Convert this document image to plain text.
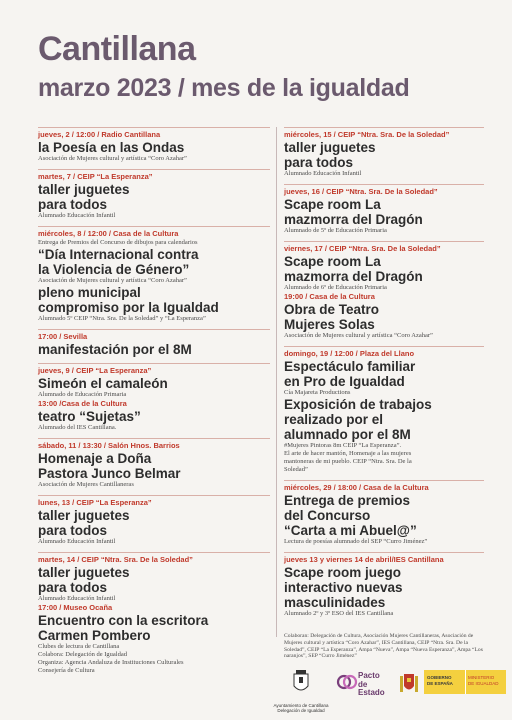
Cantillana
marzo 2023 / mes de la igualdad
jueves, 2 / 12:00 / Radio Cantillana
la Poesía en las Ondas
Asociación de Mujeres cultural y artística “Coro Azahar”
martes, 7 / CEIP “La Esperanza”
taller juguetes
para todos
Alumnado Educación Infantil
miércoles, 8 / 12:00 / Casa de la Cultura
Entrega de Premios del Concurso de dibujos para calendarios
“Día Internacional contra
la Violencia de Género”
Asociación de Mujeres cultural y artística “Coro Azahar”
pleno municipal
compromiso por la Igualdad
Alumnado 5º CEIP “Ntra. Sra. De la Soledad” y “La Esperanza”
17:00 / Sevilla
manifestación por el 8M
jueves, 9 / CEIP “La Esperanza”
Simeón el camaleón
Alumnado de Educación Primaria
13:00 /Casa de la Cultura
teatro “Sujetas”
Alumnado del IES Cantillana.
sábado, 11 / 13:30 / Salón Hnos. Barrios
Homenaje a Doña
Pastora Junco Belmar
Asociación de Mujeres Cantillaneras
lunes, 13 / CEIP “La Esperanza”
taller juguetes
para todos
Alumnado Educación Infantil
martes, 14 / CEIP “Ntra. Sra. De la Soledad”
taller juguetes
para todos
Alumnado Educación Infantil
17:00 / Museo Ocaña
Encuentro con la escritora
Carmen Pombero
Clubes de lectura de Cantillana
Colabora: Delegación de Igualdad
Organiza: Agencia Andaluza de Instituciones Culturales
Consejería de Cultura
miércoles, 15 / CEIP “Ntra. Sra. De la Soledad”
taller juguetes
para todos
Alumnado Educación Infantil
jueves, 16 / CEIP “Ntra. Sra. De la Soledad”
Scape room La
mazmorra del Dragón
Alumnado de 5º de Educación Primaria
viernes, 17 / CEIP “Ntra. Sra. De la Soledad”
Scape room La
mazmorra del Dragón
Alumnado de 6º de Educación Primaria
19:00 / Casa de la Cultura
Obra de Teatro
Mujeres Solas
Asociación de Mujeres cultural y artística “Coro Azahar”
domingo, 19 / 12:00 / Plaza del Llano
Espectáculo familiar
en Pro de Igualdad
Cía Majareta Productions
Exposición de trabajos
realizado por el
alumnado por el 8M
#Mujeres Pintoras 8m CEIP “La Esperanza”.
El arte de hacer mantón, Homenaje a las mujeres
mantoneras de mi pueblo. CEIP “Ntra. Sra. De la
Soledad”
miércoles, 29 / 18:00 / Casa de la Cultura
Entrega de premios
del Concurso
“Carta a mi Abuel@”
Lectura de poesías alumnado del SEP “Curro Jiménez”
jueves 13 y viernes 14 de abril/IES Cantillana
Scape room juego
interactivo nuevas
masculinidades
Alumnado 2º y 3º ESO del IES Cantillana
Colaboran: Delegación de Cultura, Asociación Mujeres Cantillaneras, Asociación de Mujeres cultural y artística “Coro Azahar”, IES Cantillana, CEIP “Ntra. Sra. De la Soledad”, CEIP “La Esperanza”, Ampa “Nueva”, Ampa “Nueva Esperanza”, Ampa “Los naranjos”, SEP “Curro Jiménez”
Ayuntamiento de Cantillana
Delegación de Igualdad
Pacto
de Estado
GOBIERNO
DE ESPAÑA
MINISTERIO
DE IGUALDAD
